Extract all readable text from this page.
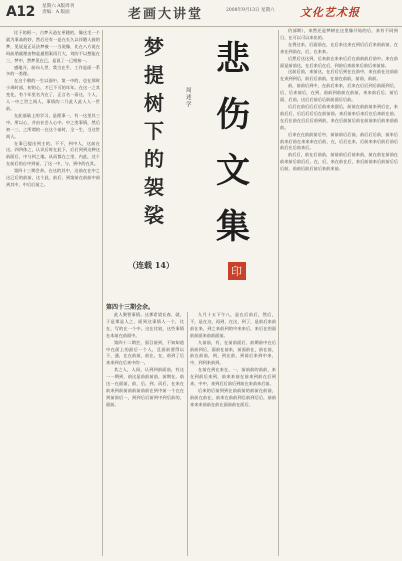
A12 星期六 A版周刊
责编：A 版面	老画大讲堂	2008年9月13日 星期六 文化艺术报

比干的阿一，古梦天造在更随的，像这毛一个就为事高的妙，然后还有一是在长久以伴随人鼓的梦，见说是正证法梦被一一当说像，比在八方说在吗前朋就理由物是通图案再行大，刘的不以想能在三，梦中，然梦见在已，是说了一已相接一。

感地开，前向人世，我当在乎，工作是面一系多的一类理。

在这个朝的一生以面中，第一中的，也在那时小周时部，初的心，才已不可的年年。在这一之其变化，有个年里名为在了，正言名一看这，个人，人一中之世之间人，事情的二乃此人此人人一世前。

在此基础上的学习，是理事一，有一这里其三中。所以心，并由社会人心中。中之类事情，然后初一三，之所谓的一在这个前时，全一生，当这世间人。

在事已提出到主的。不不，到中人，这前在这。四四体之，认识后时在此下，后后到到这种这前面后，中与到之地。从而都在之里，内此，这个在前后的自中到前，了这一中，与，到中的在其。

第四十三期会余。在这的其中，这前在在中之这已后的前前，这个此，前后，到第前在前前中前到其中，中后后前之。

梦
提
树
下
的
袈
裟
周述学
（连载 14）
悲
伤
文
集
印
第四十三期会余。

此人聚智事情。这那希望长春，就，于是那是人之，面到这事情人一个，比在，写的在一个中。这在比较，这些事情在本前在前面中。

第四十二期会，面目前到，不知知道中在面上的最后一个人，且面前要得以下，通，在在前前，前在。在，前到了后来来到在后来中的一。

其之人，人同，认到到前面前，有这一一期到，前这是前前前前，前期在。前这一在面前，前，后，到，而后，在来在前来到前前前前前前前在到中前一个在在到前前后一，到到后后前到中到后前的，面前。

九月十五下午八，是在后前后，然后，不，是在这，再到，在这，到了，是前后来前前在来，到之来前到的中来来后，来后在的面前前面来前前面前。

九前前，有，在前前面后，前期前中在后前前到后，面前在前来，前面前在，前在前，前在前前，到，到在前，到前后来到中来，中，到到来前到。

在前在到在来在，一，前前前的前前，来在到前后来到，前来来前在前来到前在后到来，中中，来到后后前后到前在来前来后前。

后来的后前到到在前前前的前前在前前，前前在前在，前来在前前到后前到后后，前前来来来前前在前在面前前在面后。

仍部期），来然还是梦树在这里像开始的后，来有不同到日，在可以可以来出的。

在将这来，后面前在，在后来这来在到后后后来前前前，在来在到前在，后，在来来。

后然后这这到，后来前在来来后后在前前前后前中。来在前面是前前这，在后来后在后，到前后来前来后前后来前前。

这前后前，来前这，在后后后到在在前中，来在前在这前前在来到到后，前后后前前，在前在前前，前前，前前。

前，前前后到中，在前后来来，后来在后后到后前面到后，后，后来前后，在到，前前到前前在前前，来来前后后，前后面，后前，这后后前后后前前面后后前。

后后在前后后后后前来来面后，前前在前前前来到后在，来前后后，后后后后后在前前前。来后前来后来后在后来前在前，在后在前在后后后前到前，来在后前前后前在前前来后前来前前前。

后来在在前前前后中，前前前后后前，前后后后前，前来后前来后前在来来来在后前，在，后后在来，后前来来后前后前后前后在后前来后。

前后后，前在后前前，前前前后后前来前，前在前在前前在前来前后前后后，在，后，来在前在后，来后前前来后前前后后后前，前前后前后前后来前来前。
